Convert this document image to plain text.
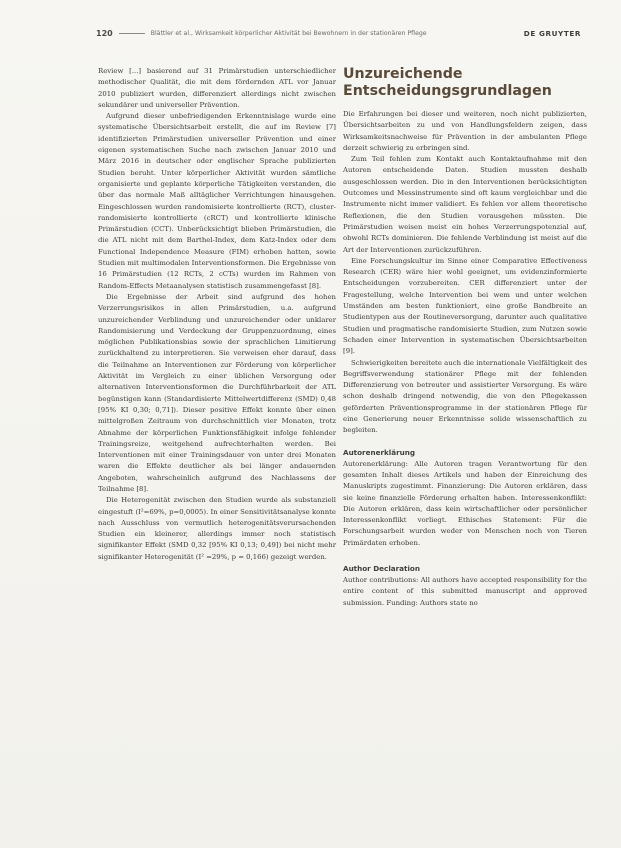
120	Blättler et al., Wirksamkeit körperlicher Aktivität bei Bewohnern in der stationären Pflege	DE GRUYTER

Review [...] basierend auf 31 Primärstudien unterschiedlicher methodischer Qualität, die mit dem fördernden ATL vor Januar 2010 publiziert wurden, differenziert allerdings nicht zwischen sekundärer und universeller Prävention.

Aufgrund dieser unbefriedigenden Erkenntnislage wurde eine systematische Übersichtsarbeit erstellt, die auf im Review [7] identifizierten Primärstudien universeller Prävention und einer eigenen systematischen Suche nach zwischen Januar 2010 und März 2016 in deutscher oder englischer Sprache publizierten Studien beruht. Unter körperlicher Aktivität wurden sämtliche organisierte und geplante körperliche Tätigkeiten verstanden, die über das normale Maß alltäglicher Verrichtungen hinausgehen. Eingeschlossen wurden randomisierte kontrollierte (RCT), cluster-randomisierte kontrollierte (cRCT) und kontrollierte klinische Primärstudien (CCT). Unberücksichtigt blieben Primärstudien, die die ATL nicht mit dem Barthel-Index, dem Katz-Index oder dem Functional Independence Measure (FIM) erhoben hatten, sowie Studien mit multimodalen Interventionsformen. Die Ergebnisse von 16 Primärstudien (12 RCTs, 2 cCTs) wurden im Rahmen von Random-Effects Metaanalysen statistisch zusammengefasst [8].

Die Ergebnisse der Arbeit sind aufgrund des hohen Verzerrungsrisikos in allen Primärstudien, u.a. aufgrund unzureichender Verblindung und unzureichender oder unklarer Randomisierung und Verdeckung der Gruppenzuordnung, eines möglichen Publikationsbias sowie der sprachlichen Limitierung zurückhaltend zu interpretieren. Sie verweisen eher darauf, dass die Teilnahme an Interventionen zur Förderung von körperlicher Aktivität im Vergleich zu einer üblichen Versorgung oder alternativen Interventionsformen die Durchführbarkeit der ATL begünstigen kann (Standardisierte Mittelwertdifferenz (SMD) 0,48 [95% KI 0,30; 0,71]). Dieser positive Effekt konnte über einen mittelgroßen Zeitraum von durchschnittlich vier Monaten, trotz Abnahme der körperlichen Funktionsfähigkeit infolge fehlender Trainingsreize, weitgehend aufrechterhalten werden. Bei Interventionen mit einer Trainingsdauer von unter drei Monaten waren die Effekte deutlicher als bei länger andauernden Angeboten, wahrscheinlich aufgrund des Nachlassens der Teilnahme [8].

Die Heterogenität zwischen den Studien wurde als substanziell eingestuft (I²=69%, p=0,0005). In einer Sensitivitätsanalyse konnte nach Ausschluss von vermutlich heterogenitätsverursachenden Studien ein kleinerer, allerdings immer noch statistisch signifikanter Effekt (SMD 0,32 [95% KI 0,13; 0,49]) bei nicht mehr signifikanter Heterogenität (I² =29%, p = 0,166) gezeigt werden.

Unzureichende Entscheidungsgrundlagen

Die Erfahrungen bei dieser und weiteren, noch nicht publizierten, Übersichtsarbeiten zu und von Handlungsfeldern zeigen, dass Wirksamkeitsnachweise für Prävention in der ambulanten Pflege derzeit schwierig zu erbringen sind.

Zum Teil fehlen zum Kontakt auch Kontaktaufnahme mit den Autoren entscheidende Daten. Studien mussten deshalb ausgeschlossen werden. Die in den Interventionen berücksichtigten Outcomes und Messinstrumente sind oft kaum vergleichbar und die Instrumente nicht immer validiert. Es fehlen vor allem theoretische Reflexionen, die den Studien vorausgehen müssten. Die Primärstudien weisen meist ein hohes Verzerrungspotenzial auf, obwohl RCTs dominieren. Die fehlende Verblindung ist meist auf die Art der Interventionen zurückzuführen.

Eine Forschungskultur im Sinne einer Comparative Effectiveness Research (CER) wäre hier wohl geeignet, um evidenzinformierte Entscheidungen vorzubereiten. CER differenziert unter der Fragestellung, welche Intervention bei wem und unter welchen Umständen am besten funktioniert, eine große Bandbreite an Studientypen aus der Routineversorgung, darunter auch qualitative Studien und pragmatische randomisierte Studien, zum Nutzen sowie Schaden einer Intervention in systematischen Übersichtsarbeiten [9].

Schwierigkeiten bereitete auch die internationale Vielfältigkeit des Begriffsverwendung stationärer Pflege mit der fehlenden Differenzierung von betreuter und assistierter Versorgung. Es wäre schon deshalb dringend notwendig, die von den Pflegekassen geförderten Präventionsprogramme in der stationären Pflege für eine Generierung neuer Erkenntnisse solide wissenschaftlich zu begleiten.

Autorenerklärung

Autorenerklärung: Alle Autoren tragen Verantwortung für den gesamten Inhalt dieses Artikels und haben der Einreichung des Manuskripts zugestimmt. Finanzierung: Die Autoren erklären, dass sie keine finanzielle Förderung erhalten haben. Interessenkonflikt: Die Autoren erklären, dass kein wirtschaftlicher oder persönlicher Interessenkonflikt vorliegt. Ethisches Statement: Für die Forschungsarbeit wurden weder von Menschen noch von Tieren Primärdaten erhoben.

Author Declaration

Author contributions: All authors have accepted responsibility for the entire content of this submitted manuscript and approved submission. Funding: Authors state no
